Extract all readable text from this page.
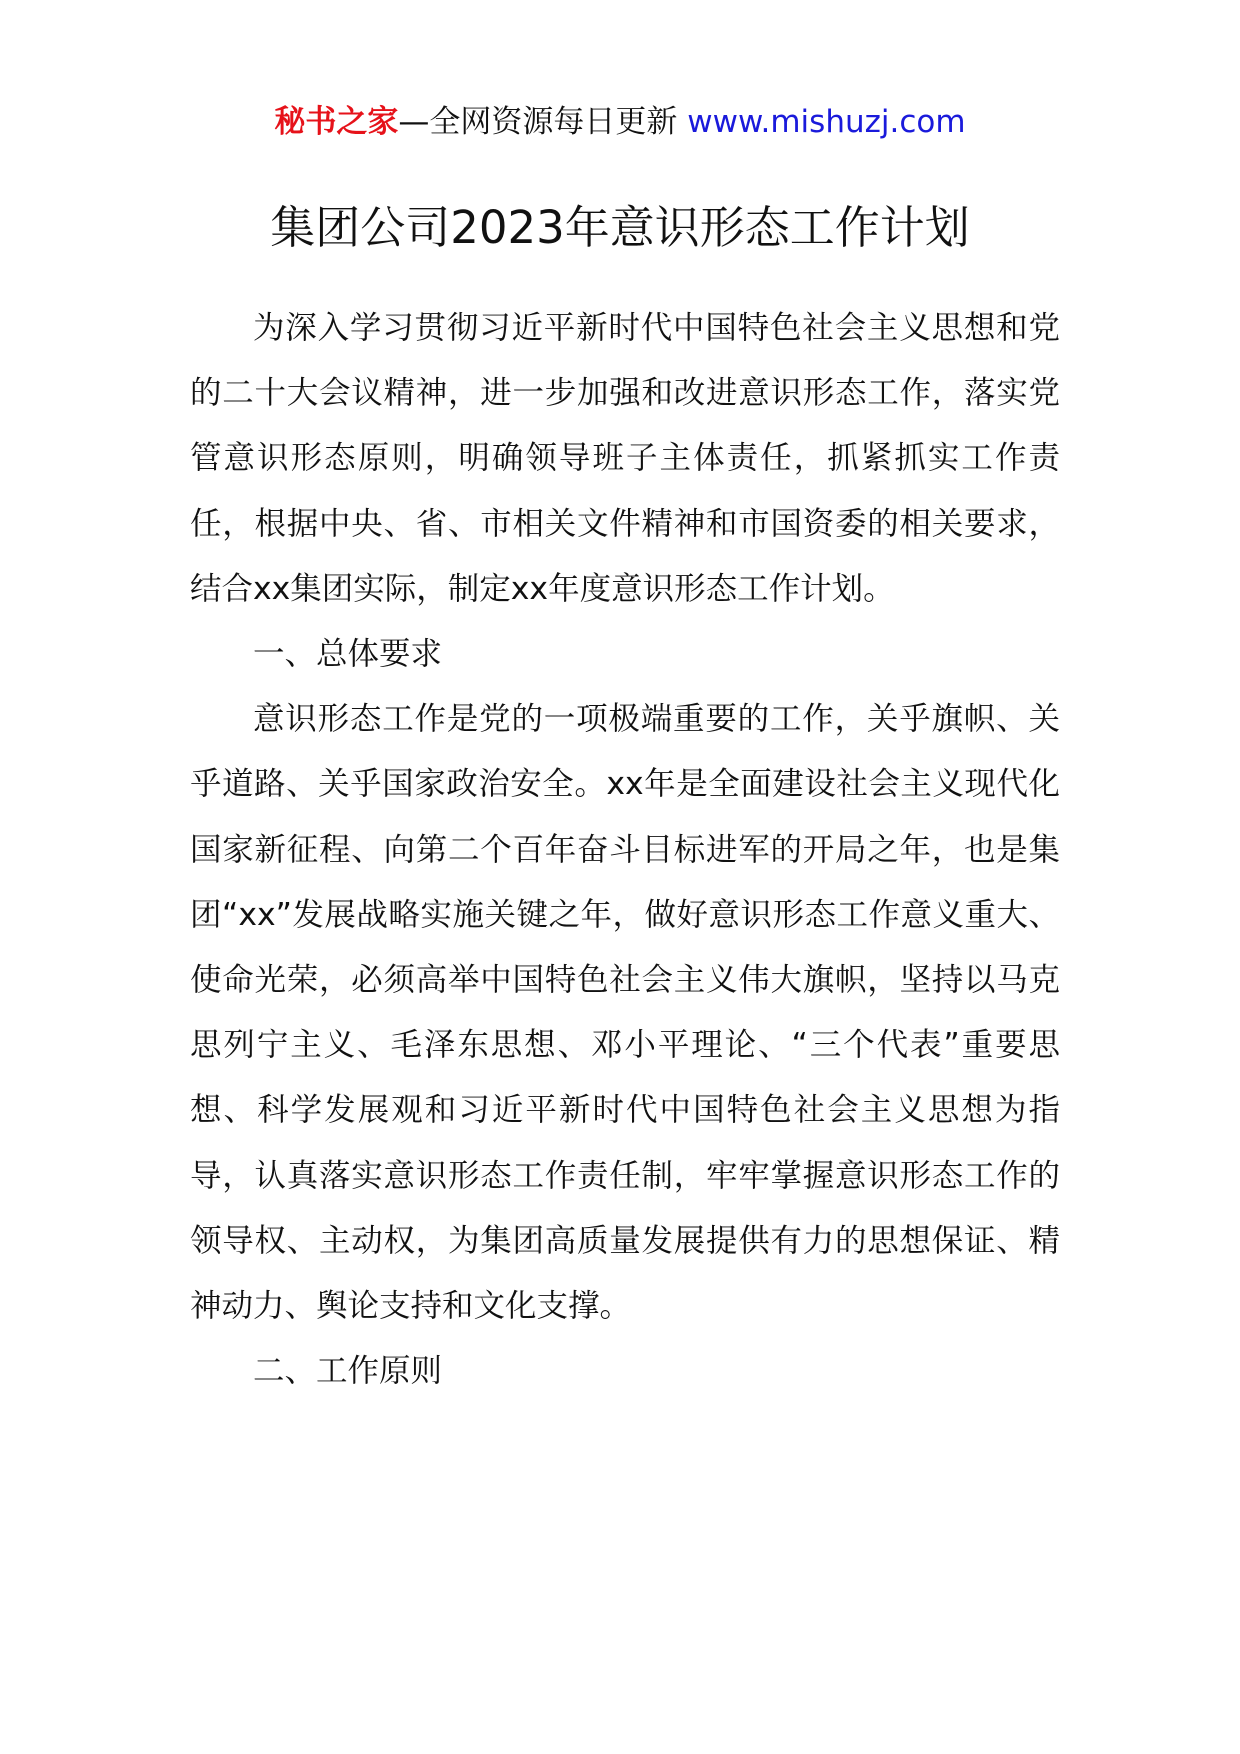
秘书之家—全网资源每日更新 www.mishuzj.com
集团公司2023年意识形态工作计划

为深入学习贯彻习近平新时代中国特色社会主义思想和党的二十大会议精神，进一步加强和改进意识形态工作，落实党管意识形态原则，明确领导班子主体责任，抓紧抓实工作责任，根据中央、省、市相关文件精神和市国资委的相关要求，结合xx集团实际，制定xx年度意识形态工作计划。

一、总体要求

意识形态工作是党的一项极端重要的工作，关乎旗帜、关乎道路、关乎国家政治安全。xx年是全面建设社会主义现代化国家新征程、向第二个百年奋斗目标进军的开局之年，也是集团“xx”发展战略实施关键之年，做好意识形态工作意义重大、使命光荣，必须高举中国特色社会主义伟大旗帜，坚持以马克思列宁主义、毛泽东思想、邓小平理论、“三个代表”重要思想、科学发展观和习近平新时代中国特色社会主义思想为指导，认真落实意识形态工作责任制，牢牢掌握意识形态工作的领导权、主动权，为集团高质量发展提供有力的思想保证、精神动力、舆论支持和文化支撑。

二、工作原则
